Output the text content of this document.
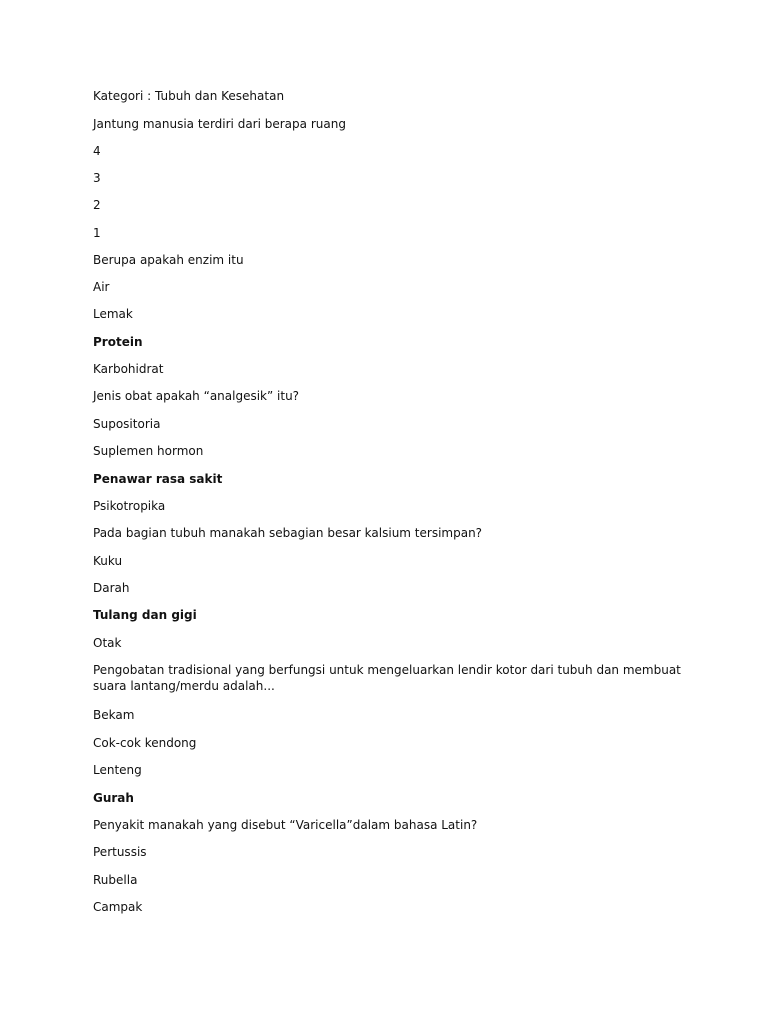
Kategori : Tubuh dan Kesehatan

Jantung manusia terdiri dari berapa ruang

4

3

2

1

Berupa apakah enzim itu

Air

Lemak

Protein

Karbohidrat

Jenis obat apakah “analgesik” itu?

Supositoria

Suplemen hormon

Penawar rasa sakit

Psikotropika

Pada bagian tubuh manakah sebagian besar kalsium tersimpan?

Kuku

Darah

Tulang dan gigi

Otak

Pengobatan tradisional yang berfungsi untuk mengeluarkan lendir kotor dari tubuh dan membuat suara lantang/merdu adalah...

Bekam

Cok-cok kendong

Lenteng

Gurah

Penyakit manakah yang disebut “Varicella”dalam bahasa Latin?

Pertussis

Rubella

Campak
